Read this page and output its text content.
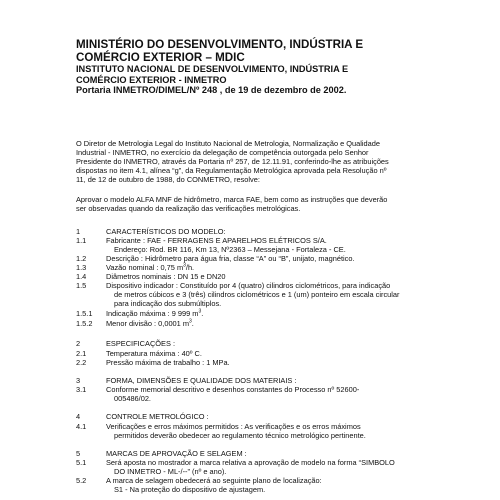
MINISTÉRIO DO DESENVOLVIMENTO, INDÚSTRIA E
COMÉRCIO EXTERIOR – MDIC
INSTITUTO NACIONAL DE DESENVOLVIMENTO, INDÚSTRIA E
COMÉRCIO EXTERIOR - INMETRO
Portaria INMETRO/DIMEL/Nº 248 , de 19 de dezembro de 2002.
O Diretor de Metrologia Legal do Instituto Nacional de Metrologia, Normalização e Qualidade
Industrial - INMETRO, no exercício da delegação de competência outorgada pelo Senhor
Presidente do INMETRO, através da Portaria nº 257, de 12.11.91, conferindo-lhe as atribuições
dispostas no item 4.1, alínea “g”, da Regulamentação Metrológica aprovada pela Resolução nº
11, de 12 de outubro de 1988, do CONMETRO, resolve:
Aprovar o modelo ALFA MNF de hidrômetro, marca FAE, bem como as instruções que deverão
ser observadas quando da realização das verificações metrológicas.
1	CARACTERÍSTICOS DO MODELO:
1.1	Fabricante : FAE - FERRAGENS E APARELHOS ELÉTRICOS S/A.
Endereço: Rod. BR 116, Km 13, Nº2363 – Messejana - Fortaleza - CE.
1.2	Descrição : Hidrômetro para água fria, classe “A” ou “B”, unijato, magnético.
1.3	Vazão nominal : 0,75 $m^3/h$.
1.4	Diâmetros nominais : DN 15 e DN20
1.5	Dispositivo indicador : Constituído por 4 (quatro) cilindros ciclométricos, para indicação
de metros cúbicos e 3 (três) cilindros ciclométricos e 1 (um) ponteiro em escala circular
para indicação dos submúltiplos.
1.5.1	Indicação máxima : 9 999 $m^3$.
1.5.2	Menor divisão : 0,0001 $m^3$.
2	ESPECIFICAÇÕES :
2.1	Temperatura máxima : 40º C.
2.2	Pressão máxima de trabalho : 1 MPa.
3	FORMA, DIMENSÕES E QUALIDADE DOS MATERIAIS :
3.1	Conforme memorial descritivo e desenhos constantes do Processo nº 52600-
005486/02.
4	CONTROLE METROLÓGICO :
4.1	Verificações e erros máximos permitidos : As verificações e os erros máximos
permitidos deverão obedecer ao regulamento técnico metrológico pertinente.
5	MARCAS DE APROVAÇÃO E SELAGEM :
5.1	Será aposta no mostrador a marca relativa a aprovação de modelo na forma “SIMBOLO
DO INMETRO - ML-/--” (nº e ano).
5.2	A marca de selagem obedecerá ao seguinte plano de localização:
S1 - Na proteção do dispositivo de ajustagem.
